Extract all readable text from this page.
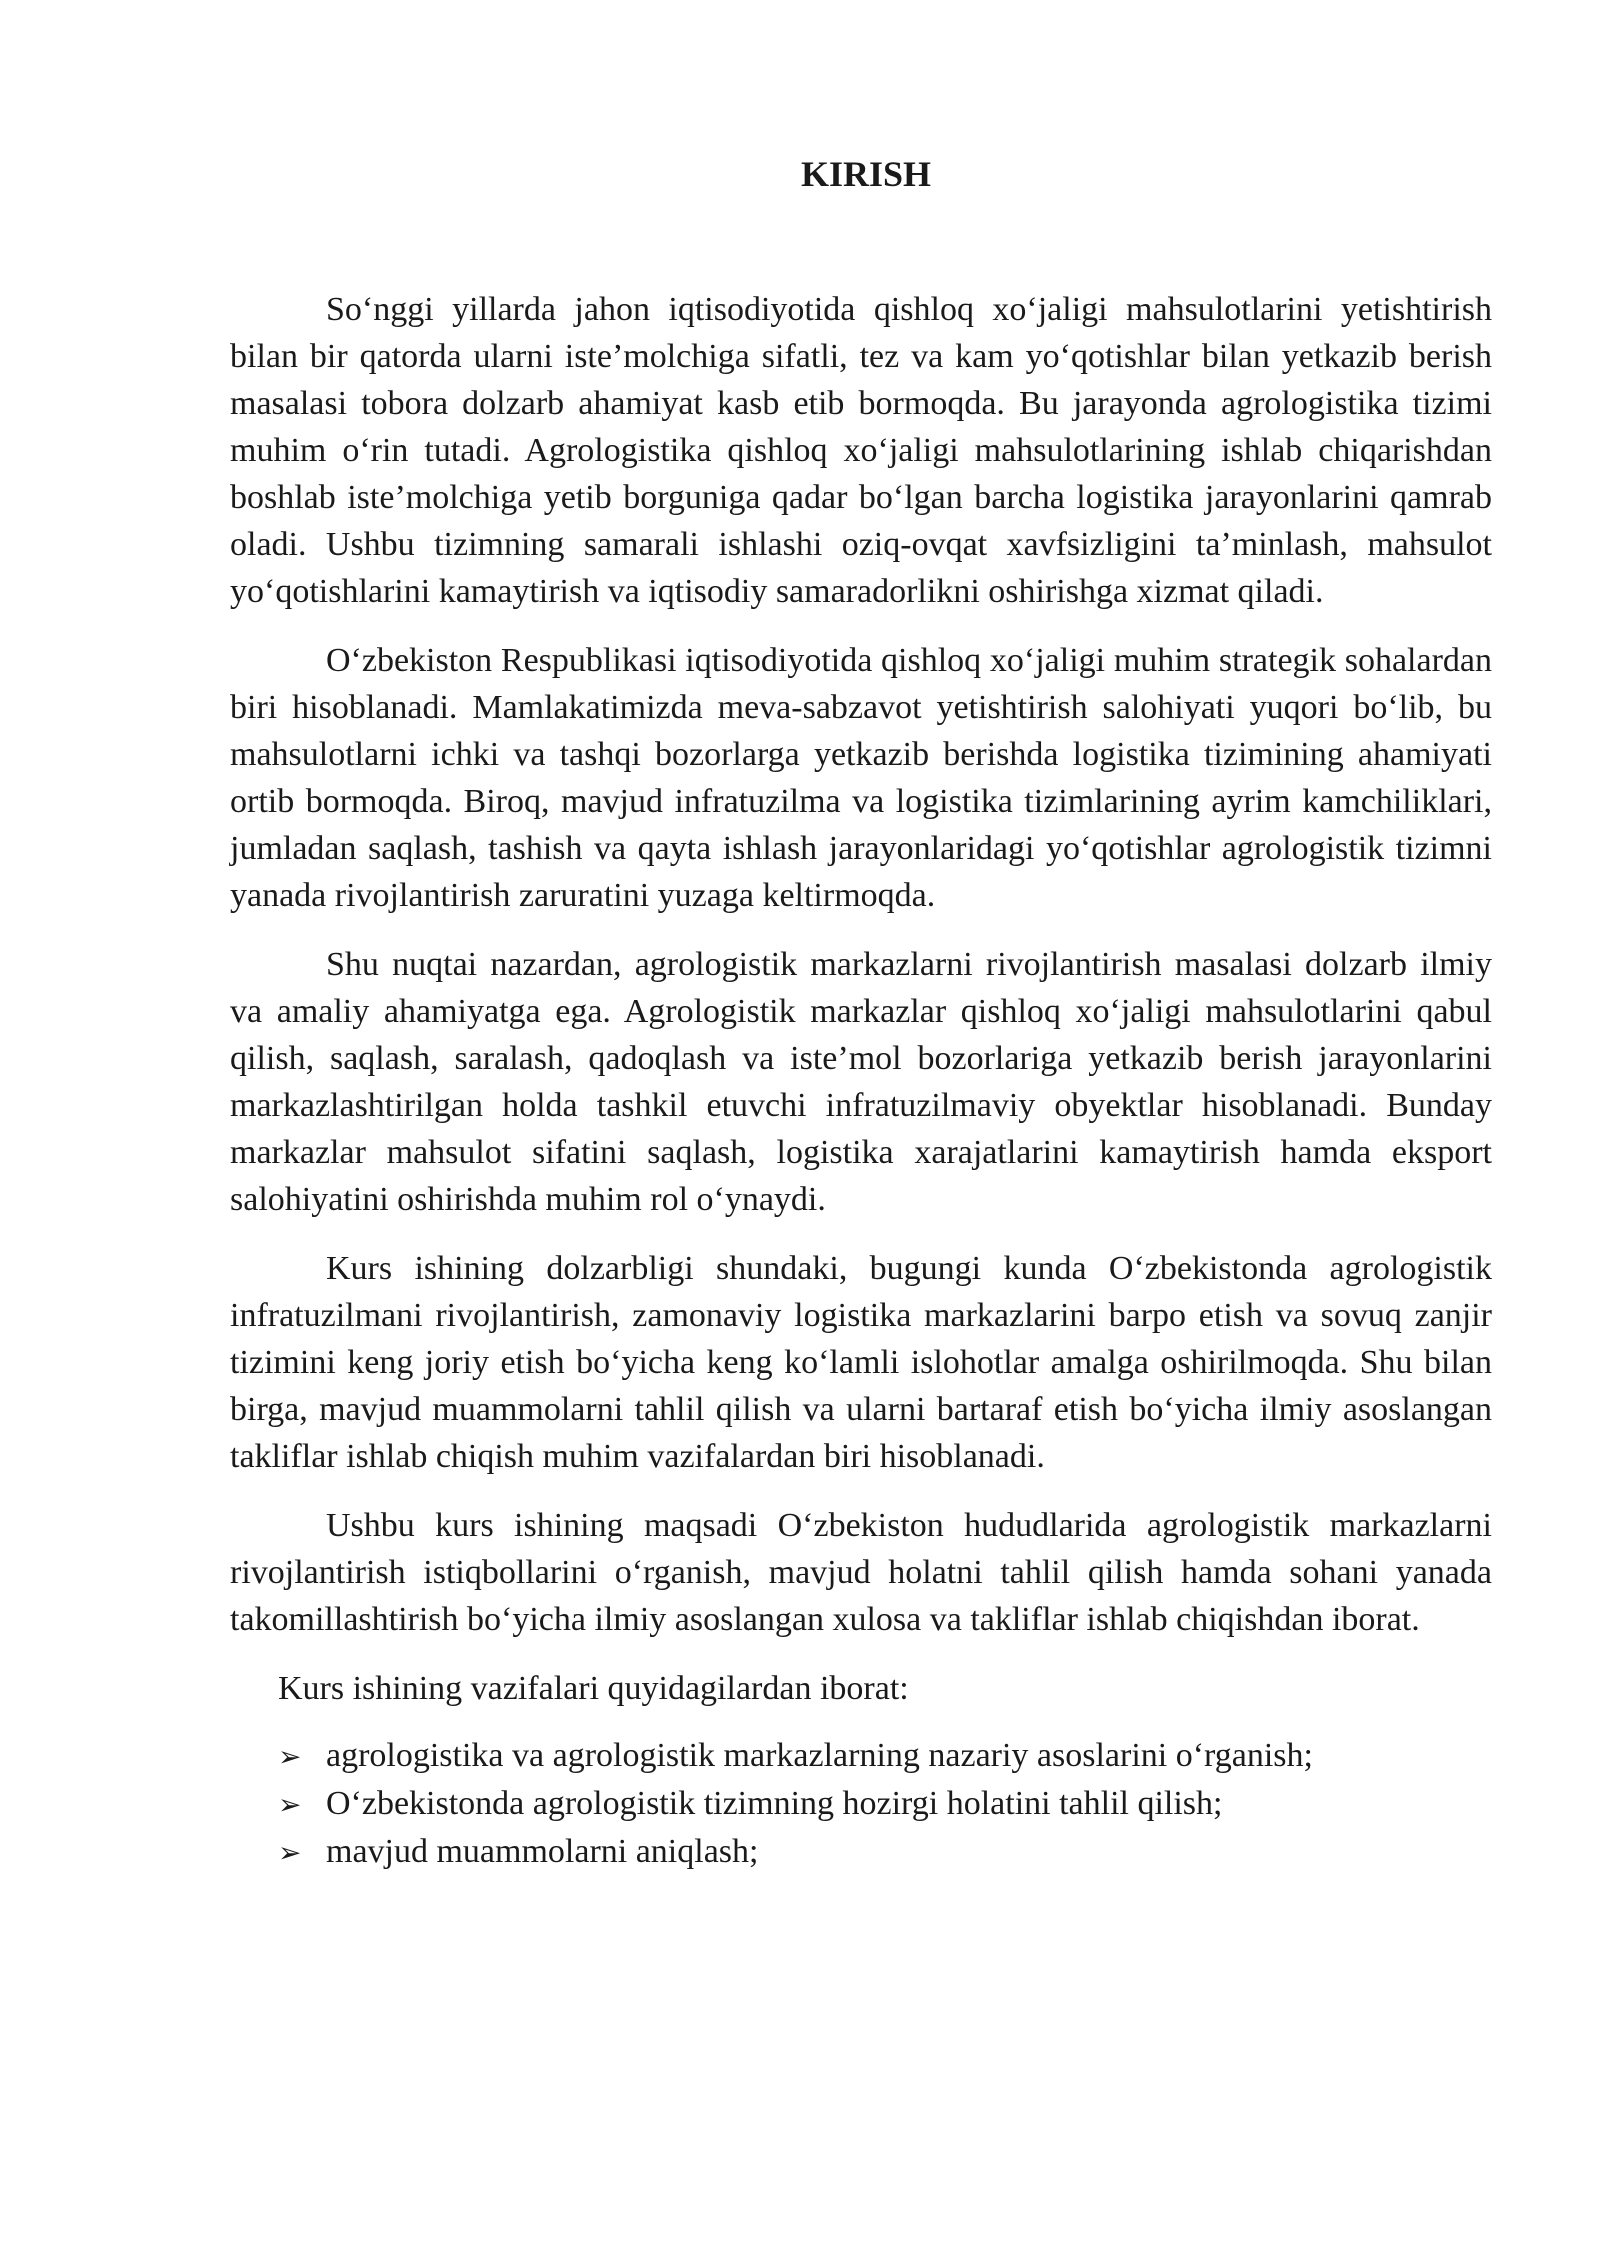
KIRISH

So‘nggi yillarda jahon iqtisodiyotida qishloq xo‘jaligi mahsulotlarini yetishtirish bilan bir qatorda ularni iste’molchiga sifatli, tez va kam yo‘qotishlar bilan yetkazib berish masalasi tobora dolzarb ahamiyat kasb etib bormoqda. Bu jarayonda agrologistika tizimi muhim o‘rin tutadi. Agrologistika qishloq xo‘jaligi mahsulotlarining ishlab chiqarishdan boshlab iste’molchiga yetib borguniga qadar bo‘lgan barcha logistika jarayonlarini qamrab oladi. Ushbu tizimning samarali ishlashi oziq-ovqat xavfsizligini ta’minlash, mahsulot yo‘qotishlarini kamaytirish va iqtisodiy samaradorlikni oshirishga xizmat qiladi.

O‘zbekiston Respublikasi iqtisodiyotida qishloq xo‘jaligi muhim strategik sohalardan biri hisoblanadi. Mamlakatimizda meva-sabzavot yetishtirish salohiyati yuqori bo‘lib, bu mahsulotlarni ichki va tashqi bozorlarga yetkazib berishda logistika tizimining ahamiyati ortib bormoqda. Biroq, mavjud infratuzilma va logistika tizimlarining ayrim kamchiliklari, jumladan saqlash, tashish va qayta ishlash jarayonlaridagi yo‘qotishlar agrologistik tizimni yanada rivojlantirish zaruratini yuzaga keltirmoqda.

Shu nuqtai nazardan, agrologistik markazlarni rivojlantirish masalasi dolzarb ilmiy va amaliy ahamiyatga ega. Agrologistik markazlar qishloq xo‘jaligi mahsulotlarini qabul qilish, saqlash, saralash, qadoqlash va iste’mol bozorlariga yetkazib berish jarayonlarini markazlashtirilgan holda tashkil etuvchi infratuzilmaviy obyektlar hisoblanadi. Bunday markazlar mahsulot sifatini saqlash, logistika xarajatlarini kamaytirish hamda eksport salohiyatini oshirishda muhim rol o‘ynaydi.

Kurs ishining dolzarbligi shundaki, bugungi kunda O‘zbekistonda agrologistik infratuzilmani rivojlantirish, zamonaviy logistika markazlarini barpo etish va sovuq zanjir tizimini keng joriy etish bo‘yicha keng ko‘lamli islohotlar amalga oshirilmoqda. Shu bilan birga, mavjud muammolarni tahlil qilish va ularni bartaraf etish bo‘yicha ilmiy asoslangan takliflar ishlab chiqish muhim vazifalardan biri hisoblanadi.

Ushbu kurs ishining maqsadi O‘zbekiston hududlarida agrologistik markazlarni rivojlantirish istiqbollarini o‘rganish, mavjud holatni tahlil qilish hamda sohani yanada takomillashtirish bo‘yicha ilmiy asoslangan xulosa va takliflar ishlab chiqishdan iborat.

Kurs ishining vazifalari quyidagilardan iborat:

➢ agrologistika va agrologistik markazlarning nazariy asoslarini o‘rganish;
➢ O‘zbekistonda agrologistik tizimning hozirgi holatini tahlil qilish;
➢ mavjud muammolarni aniqlash;
